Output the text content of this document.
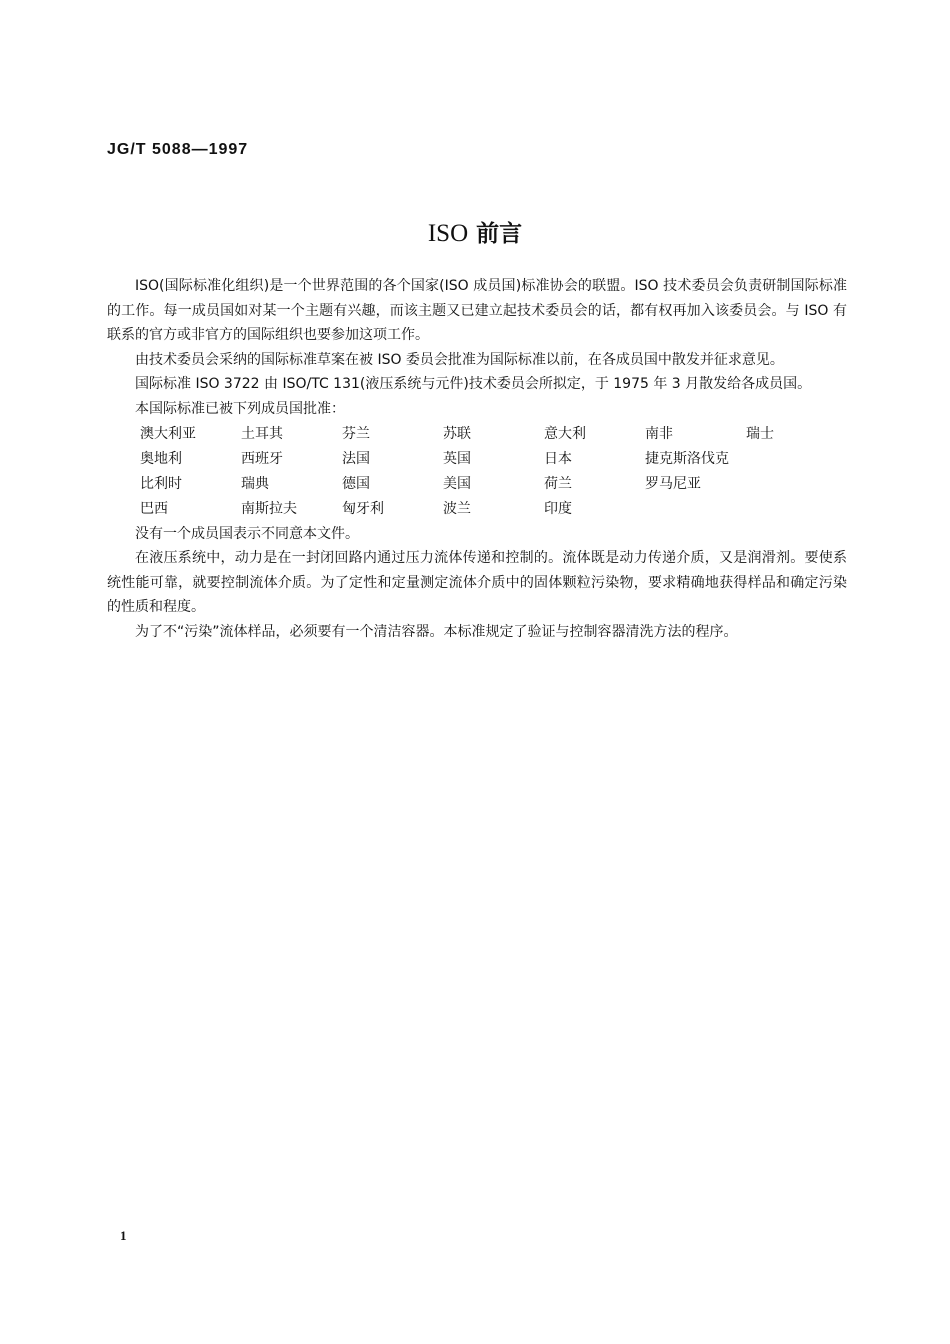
JG/T 5088—1997
ISO 前言

ISO(国际标准化组织)是一个世界范围的各个国家(ISO 成员国)标准协会的联盟。ISO 技术委员会负责研制国际标准的工作。每一成员国如对某一个主题有兴趣，而该主题又已建立起技术委员会的话，都有权再加入该委员会。与 ISO 有联系的官方或非官方的国际组织也要参加这项工作。

由技术委员会采纳的国际标准草案在被 ISO 委员会批准为国际标准以前，在各成员国中散发并征求意见。

国际标准 ISO 3722 由 ISO/TC 131(液压系统与元件)技术委员会所拟定，于 1975 年 3 月散发给各成员国。

本国际标准已被下列成员国批准：

澳大利亚	土耳其	芬兰	苏联	意大利	南非	瑞士
奥地利	西班牙	法国	英国	日本	捷克斯洛伐克
比利时	瑞典	德国	美国	荷兰	罗马尼亚
巴西	南斯拉夫	匈牙利	波兰	印度

没有一个成员国表示不同意本文件。

在液压系统中，动力是在一封闭回路内通过压力流体传递和控制的。流体既是动力传递介质，又是润滑剂。要使系统性能可靠，就要控制流体介质。为了定性和定量测定流体介质中的固体颗粒污染物，要求精确地获得样品和确定污染的性质和程度。

为了不“污染”流体样品，必须要有一个清洁容器。本标准规定了验证与控制容器清洗方法的程序。

1
